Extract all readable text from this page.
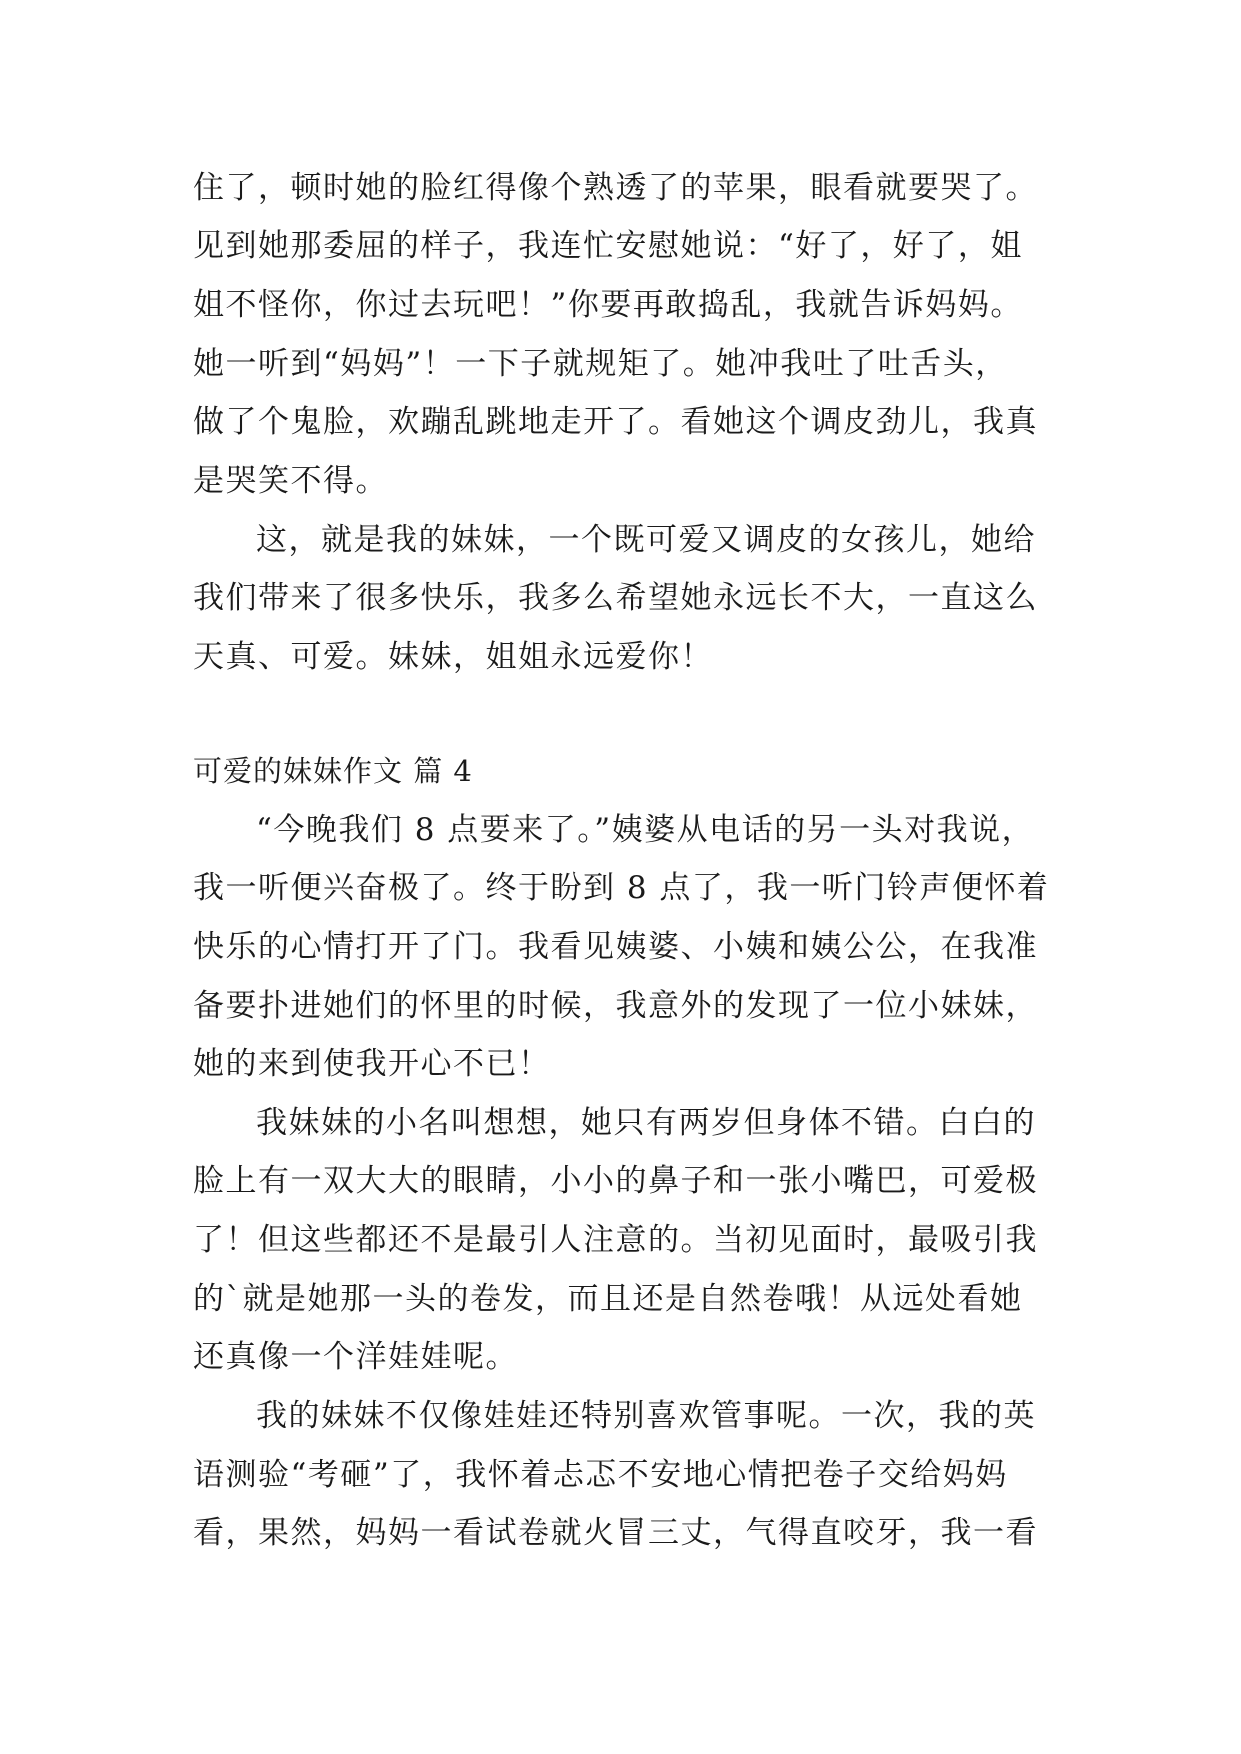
住了，顿时她的脸红得像个熟透了的苹果，眼看就要哭了。
见到她那委屈的样子，我连忙安慰她说：“好了，好了，姐
姐不怪你，你过去玩吧！”你要再敢捣乱，我就告诉妈妈。
她一听到“妈妈”！一下子就规矩了。她冲我吐了吐舌头，
做了个鬼脸，欢蹦乱跳地走开了。看她这个调皮劲儿，我真
是哭笑不得。
这，就是我的妹妹，一个既可爱又调皮的女孩儿，她给
我们带来了很多快乐，我多么希望她永远长不大，一直这么
天真、可爱。妹妹，姐姐永远爱你！
可爱的妹妹作文 篇 4
“今晚我们 8 点要来了。”姨婆从电话的另一头对我说，
我一听便兴奋极了。终于盼到 8 点了，我一听门铃声便怀着
快乐的心情打开了门。我看见姨婆、小姨和姨公公，在我准
备要扑进她们的怀里的时候，我意外的发现了一位小妹妹，
她的来到使我开心不已！
我妹妹的小名叫想想，她只有两岁但身体不错。白白的
脸上有一双大大的眼睛，小小的鼻子和一张小嘴巴，可爱极
了！但这些都还不是最引人注意的。当初见面时，最吸引我
的`就是她那一头的卷发，而且还是自然卷哦！从远处看她
还真像一个洋娃娃呢。
我的妹妹不仅像娃娃还特别喜欢管事呢。一次，我的英
语测验“考砸”了，我怀着忐忑不安地心情把卷子交给妈妈
看，果然，妈妈一看试卷就火冒三丈，气得直咬牙，我一看
